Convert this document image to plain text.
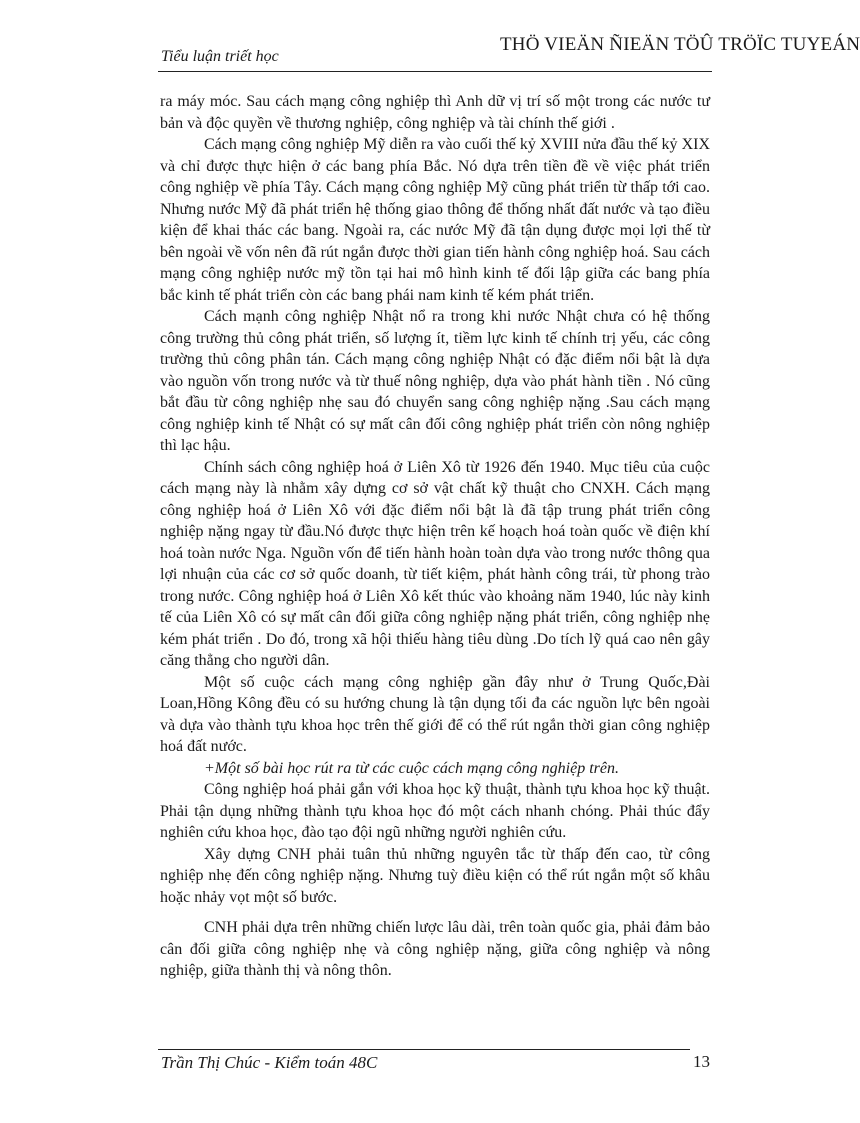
Tiểu luận triết học
THÖ VIEÄN ÑIEÄN TÖÛ TRÖÏC TUYEÁN

ra máy móc. Sau cách mạng công nghiệp thì Anh dữ vị trí số một trong các nước tư bản và độc quyền về thương nghiệp, công nghiệp và tài chính thế giới .

Cách mạng công nghiệp Mỹ diễn ra vào cuối thế kỷ XVIII nửa đầu thế kỷ XIX và chỉ được thực hiện ở các bang phía Bắc. Nó dựa trên tiền đề về việc phát triển công nghiệp về phía Tây. Cách mạng công nghiệp Mỹ cũng phát triển từ thấp tới cao. Nhưng nước Mỹ đã phát triển hệ thống giao thông để thống nhất đất nước và tạo điều kiện để khai thác các bang. Ngoài ra, các nước Mỹ đã tận dụng được mọi lợi thế từ bên ngoài về vốn nên đã rút ngắn được thời gian tiến hành công nghiệp hoá. Sau cách mạng công nghiệp nước mỹ tồn tại hai mô hình kinh tế đối lập giữa các bang phía bắc kinh tế phát triển còn các bang phái nam kinh tế kém phát triển.

Cách mạnh công nghiệp Nhật nổ ra trong khi nước Nhật chưa có hệ thống công trường thủ công phát triển, số lượng ít, tiềm lực kinh tế chính trị yếu, các công trường thủ công phân tán. Cách mạng công nghiệp Nhật có đặc điểm nổi bật là dựa vào nguồn vốn trong nước và từ thuế nông nghiệp, dựa vào phát hành tiền . Nó cũng bắt đầu từ công nghiệp nhẹ sau đó chuyển sang công nghiệp nặng .Sau cách mạng công nghiệp kinh tế Nhật có sự mất cân đối công nghiệp phát triển còn nông nghiệp thì lạc hậu.

Chính sách công nghiệp hoá ở Liên Xô từ 1926 đến 1940. Mục tiêu của cuộc cách mạng này là nhằm xây dựng cơ sở vật chất kỹ thuật cho CNXH. Cách mạng công nghiệp hoá ở Liên Xô với đặc điểm nổi bật là đã tập trung phát triển công nghiệp nặng ngay từ đầu.Nó được thực hiện trên kế hoạch hoá toàn quốc về điện khí hoá toàn nước Nga. Nguồn vốn để tiến hành hoàn toàn dựa vào trong nước thông qua lợi nhuận của các cơ sở quốc doanh, từ tiết kiệm, phát hành công trái, từ phong trào trong nước. Công nghiệp hoá ở Liên Xô kết thúc vào khoảng năm 1940, lúc này kinh tế của Liên Xô có sự mất cân đối giữa công nghiệp nặng phát triển, công nghiệp nhẹ kém phát triển . Do đó, trong xã hội thiếu hàng tiêu dùng .Do tích lỹ quá cao nên gây căng thẳng cho người dân.

Một số cuộc cách mạng công nghiệp gần đây như ở Trung Quốc,Đài Loan,Hồng Kông đều có su hướng chung là tận dụng tối đa các nguồn lực bên ngoài và dựa vào thành tựu khoa học trên thế giới để có thể rút ngắn thời gian công nghiệp hoá đất nước.

+Một số bài học rút ra từ các cuộc cách mạng công nghiệp trên.

Công nghiệp hoá phải gắn với khoa học kỹ thuật, thành tựu khoa học kỹ thuật. Phải tận dụng những thành tựu khoa học đó một cách nhanh chóng. Phải thúc đẩy nghiên cứu khoa học, đào tạo đội ngũ những người nghiên cứu.

Xây dựng CNH phải tuân thủ những nguyên tắc từ thấp đến cao, từ công nghiệp nhẹ đến công nghiệp nặng. Nhưng tuỳ điều kiện có thể rút ngắn một số khâu hoặc nhảy vọt một số bước.

CNH phải dựa trên những chiến lược lâu dài, trên toàn quốc gia, phải đảm bảo cân đối giữa công nghiệp nhẹ và công nghiệp nặng, giữa công nghiệp và nông nghiệp, giữa thành thị và nông thôn.

Trần Thị Chúc - Kiểm toán 48C	13
